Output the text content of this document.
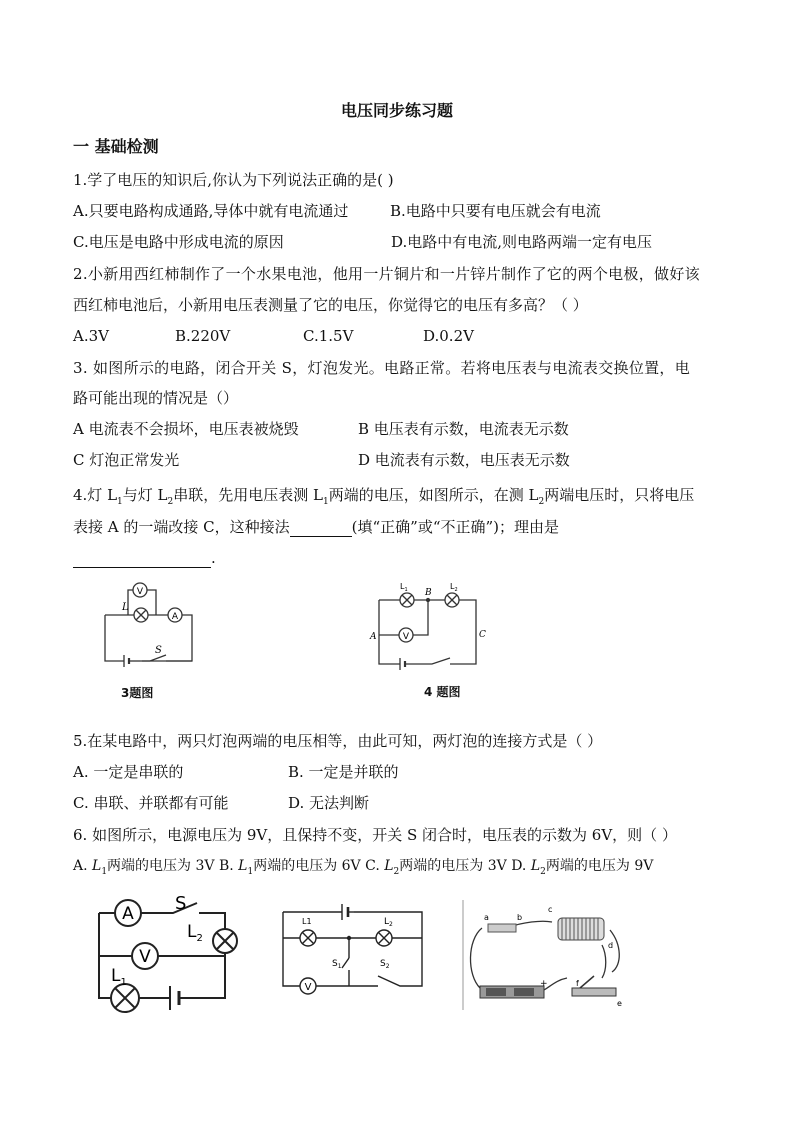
电压同步练习题
一 基础检测
1.学了电压的知识后,你认为下列说法正确的是( )
A.只要电路构成通路,导体中就有电流通过	B.电路中只要有电压就会有电流
C.电压是电路中形成电流的原因	D.电路中有电流,则电路两端一定有电压
2.小新用西红柿制作了一个水果电池，他用一片铜片和一片锌片制作了它的两个电极，做好该
西红柿电池后，小新用电压表测量了它的电压，你觉得它的电压有多高？（ ）
A.3V	B.220V	C.1.5V	D.0.2V
3. 如图所示的电路，闭合开关 S，灯泡发光。电路正常。若将电压表与电流表交换位置，电
路可能出现的情况是（）
A 电流表不会损坏，电压表被烧毁	B 电压表有示数，电流表无示数
C 灯泡正常发光	D 电流表有示数，电压表无示数
4.灯 $L_1$与灯 $L_2$串联，先用电压表测 $L_1$两端的电压，如图所示，在测 $L_2$两端电压时，只将电压
表接 A 的一端改接 C，这种接法	(填“正确”或“不正确”)；理由是
.
V
A
L
S
3题图
V
$L_1$	$L_2$
B
A	C
4 题图
5.在某电路中，两只灯泡两端的电压相等，由此可知，两灯泡的连接方式是（ ）
A. 一定是串联的	B. 一定是并联的
C. 串联、并联都有可能	D. 无法判断
6. 如图所示，电源电压为 9V，且保持不变，开关 S 闭合时，电压表的示数为 6V，则（ ）
A. $L_1$两端的电压为 3V B. $L_1$两端的电压为 6V C. $L_2$两端的电压为 3V D. $L_2$两端的电压为 9V
A
V
S
$L_2$
$L_1$	V
L1	$L_2$
$S_1$	$S_2$
a	b
c
d
e
f
+
